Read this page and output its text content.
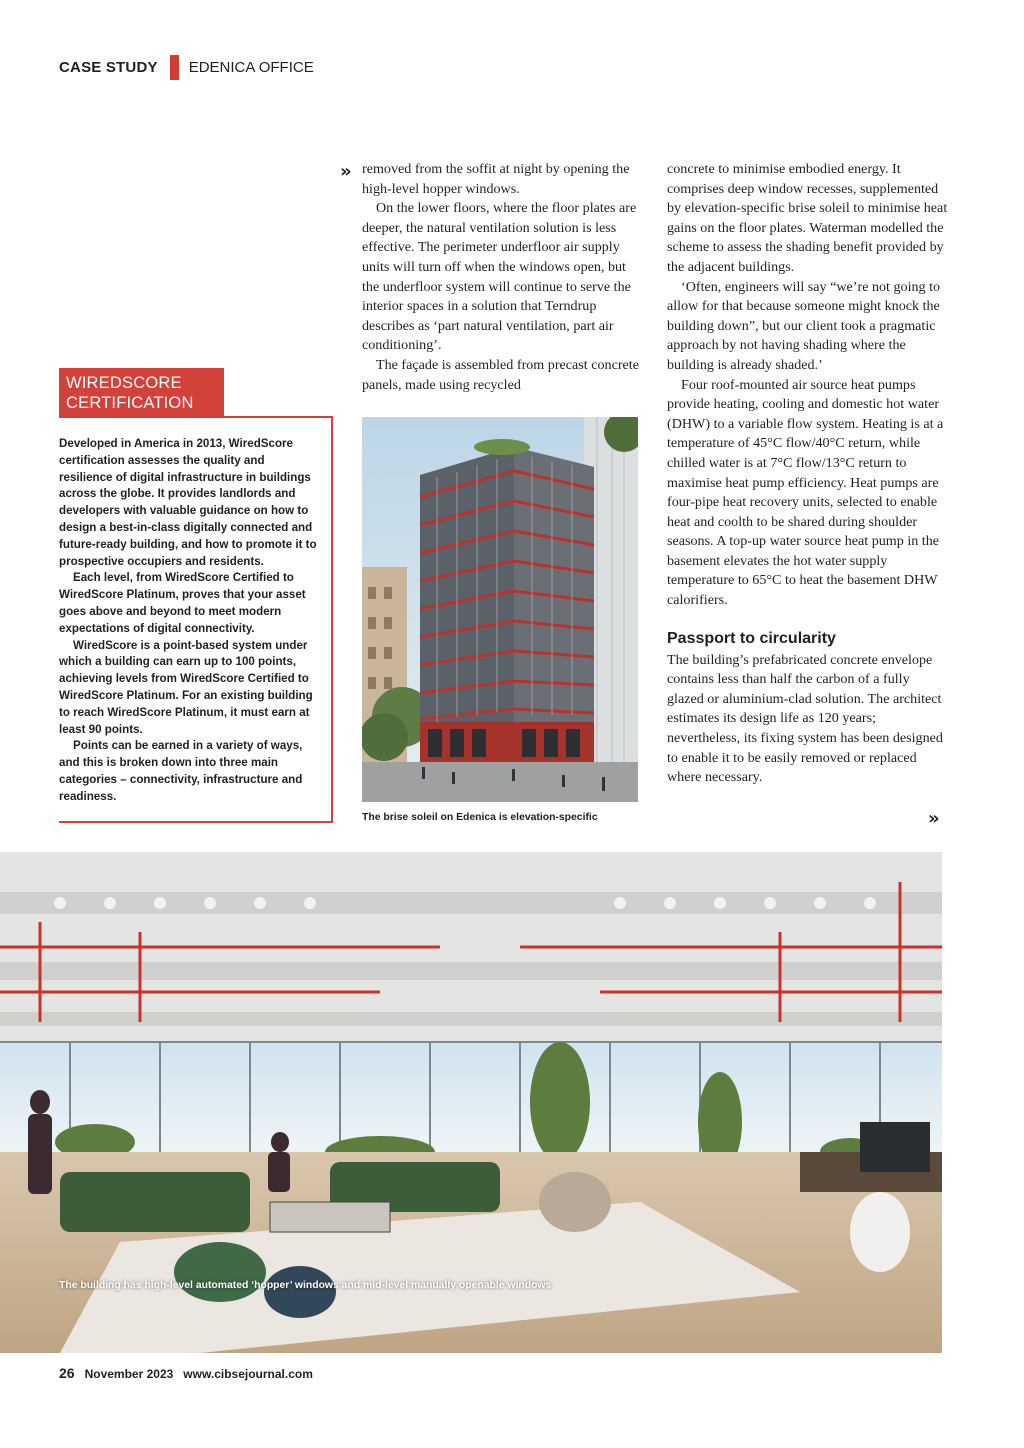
CASE STUDY EDENICA OFFICE
WIREDSCORE
CERTIFICATION

Developed in America in 2013, WiredScore certification assesses the quality and resilience of digital infrastructure in buildings across the globe. It provides landlords and developers with valuable guidance on how to design a best-in-class digitally connected and future-ready building, and how to promote it to prospective occupiers and residents.

Each level, from WiredScore Certified to WiredScore Platinum, proves that your asset goes above and beyond to meet modern expectations of digital connectivity.

WiredScore is a point-based system under which a building can earn up to 100 points, achieving levels from WiredScore Certified to WiredScore Platinum. For an existing building to reach WiredScore Platinum, it must earn at least 90 points.

Points can be earned in a variety of ways, and this is broken down into three main categories – connectivity, infrastructure and readiness.

» removed from the soffit at night by opening the high-level hopper windows.

On the lower floors, where the floor plates are deeper, the natural ventilation solution is less effective. The perimeter underfloor air supply units will turn off when the windows open, but the underfloor system will continue to serve the interior spaces in a solution that Terndrup describes as ‘part natural ventilation, part air conditioning’.

The façade is assembled from precast concrete panels, made using recycled

The brise soleil on Edenica is elevation-specific

concrete to minimise embodied energy. It comprises deep window recesses, supplemented by elevation-specific brise soleil to minimise heat gains on the floor plates. Waterman modelled the scheme to assess the shading benefit provided by the adjacent buildings.

‘Often, engineers will say “we’re not going to allow for that because someone might knock the building down”, but our client took a pragmatic approach by not having shading where the building is already shaded.’

Four roof-mounted air source heat pumps provide heating, cooling and domestic hot water (DHW) to a variable flow system. Heating is at a temperature of 45°C flow/40°C return, while chilled water is at 7°C flow/13°C return to maximise heat pump efficiency. Heat pumps are four-pipe heat recovery units, selected to enable heat and coolth to be shared during shoulder seasons. A top-up water source heat pump in the basement elevates the hot water supply temperature to 65°C to heat the basement DHW calorifiers.

Passport to circularity

The building’s prefabricated concrete envelope contains less than half the carbon of a fully glazed or aluminium-clad solution. The architect estimates its design life as 120 years; nevertheless, its fixing system has been designed to enable it to be easily removed or replaced where necessary.

»
The building has high-level automated ‘hopper’ windows and mid-level manually openable windows
26 November 2023 www.cibsejournal.com
